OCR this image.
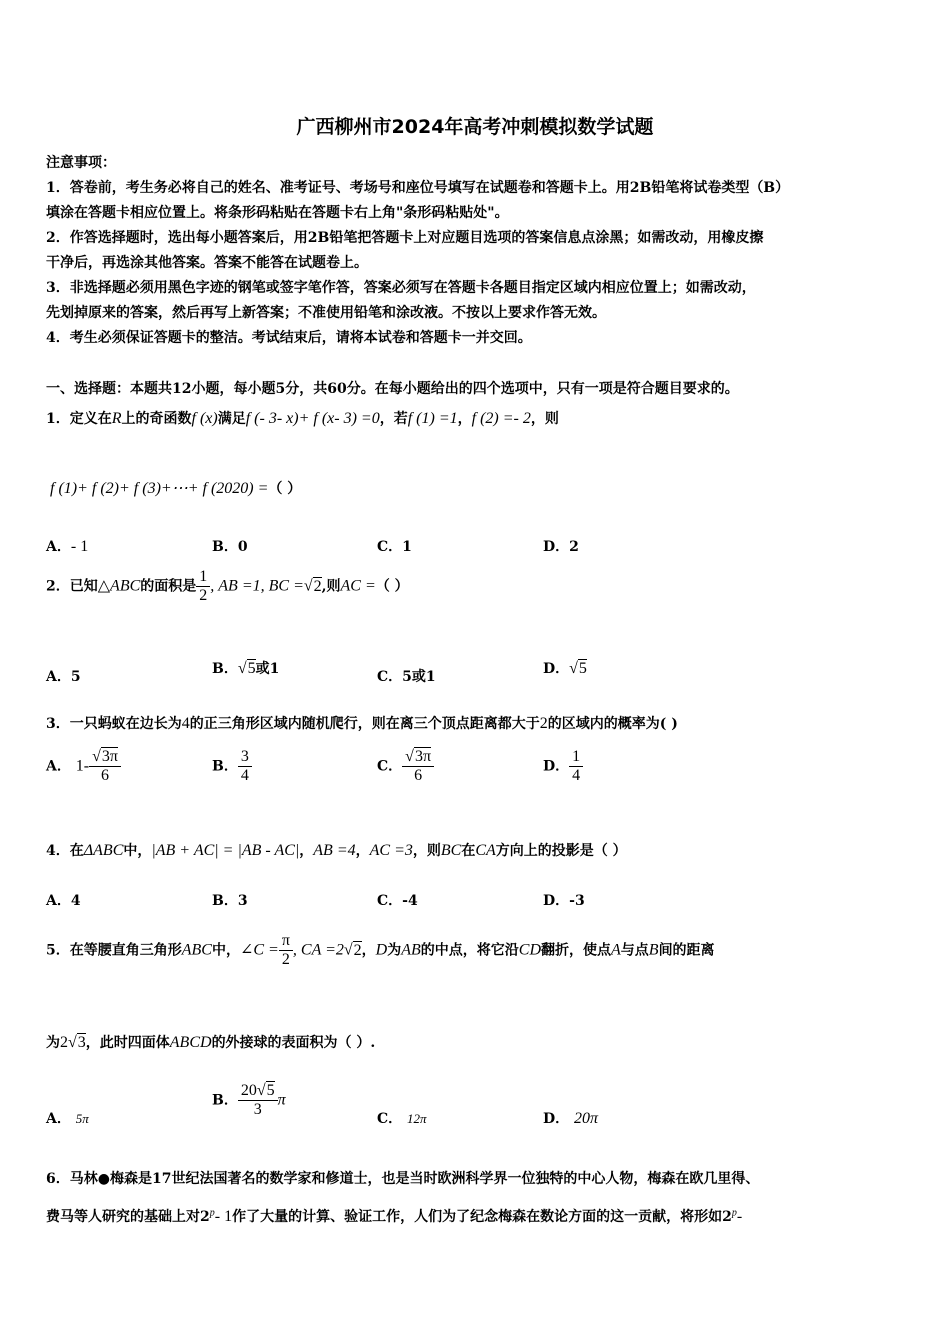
广西柳州市2024年高考冲刺模拟数学试题
注意事项：
1．答卷前，考生务必将自己的姓名、准考证号、考场号和座位号填写在试题卷和答题卡上。用2B铅笔将试卷类型（B）
填涂在答题卡相应位置上。将条形码粘贴在答题卡右上角"条形码粘贴处"。
2．作答选择题时，选出每小题答案后，用2B铅笔把答题卡上对应题目选项的答案信息点涂黑；如需改动，用橡皮擦
干净后，再选涂其他答案。答案不能答在试题卷上。
3．非选择题必须用黑色字迹的钢笔或签字笔作答，答案必须写在答题卡各题目指定区域内相应位置上；如需改动，
先划掉原来的答案，然后再写上新答案；不准使用铅笔和涂改液。不按以上要求作答无效。
4．考生必须保证答题卡的整洁。考试结束后，请将本试卷和答题卡一并交回。
一、选择题：本题共12小题，每小题5分，共60分。在每小题给出的四个选项中，只有一项是符合题目要求的。
1．定义在R上的奇函数f (x)满足f (- 3- x)+ f (x- 3) =0，若f (1) =1，f (2) =- 2，则
f (1)+ f (2)+ f (3)+⋯+ f (2020) =（ ）
A．- 1	B．0	C．1	D．2
2．已知△ABC的面积是 $\frac{1}{2}$ , AB =1, BC =√2,则AC =（ ）
A．5	B．√5或1	C．5或1	D．√5
3．一只蚂蚁在边长为4的正三角形区域内随机爬行，则在离三个顶点距离都大于2的区域内的概率为( )
A． $1- \frac{√3\pi}{6}$	B． $\frac{3}{4}$	C． $\frac{√3\pi}{6}$	D． $\frac{1}{4}$
4．在ΔABC中，|AB + AC| = |AB - AC|，AB =4，AC =3，则BC在CA方向上的投影是（ ）
A．4	B．3	C．-4	D．-3
5．在等腰直角三角形ABC中，∠C = $\frac{\pi}{2}$ , CA =2√2，D为AB的中点，将它沿CD翻折，使点A与点B间的距离
为2√3，此时四面体ABCD的外接球的表面积为（ ）.
A． 5π
B． $\frac{20√5}{3}$ π
C． 12π	D． 20π
6．马林●梅森是17世纪法国著名的数学家和修道士，也是当时欧洲科学界一位独特的中心人物，梅森在欧几里得、
费马等人研究的基础上对2$^p$- 1作了大量的计算、验证工作，人们为了纪念梅森在数论方面的这一贡献，将形如2$^p$-
